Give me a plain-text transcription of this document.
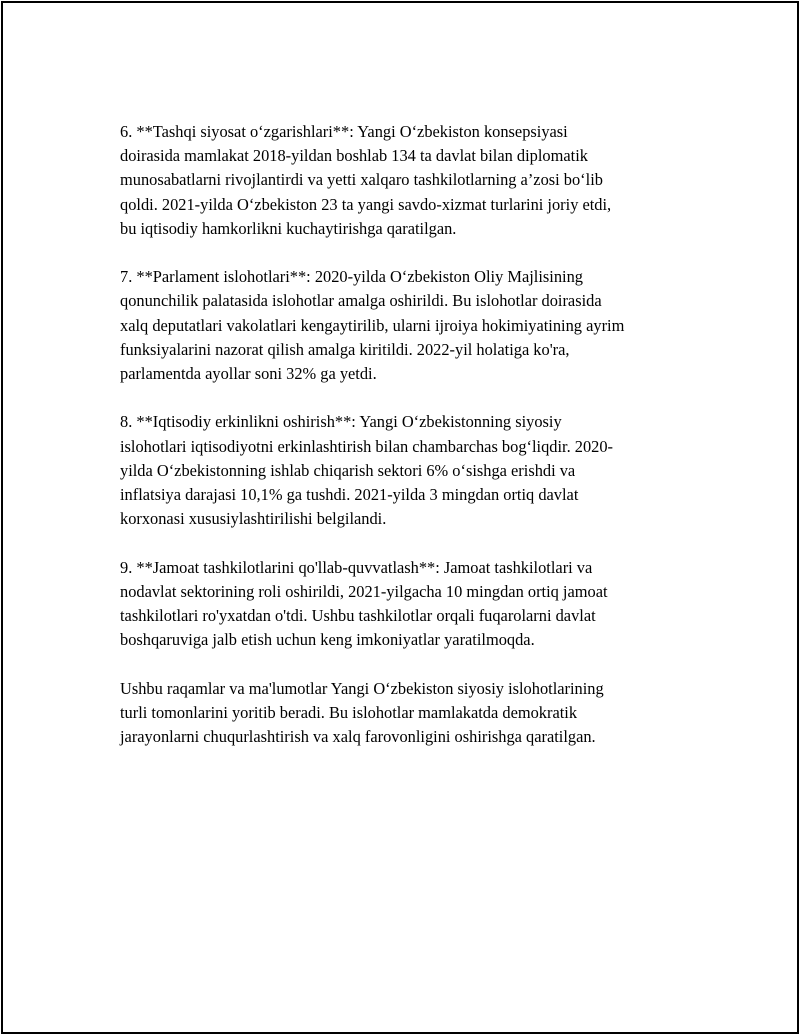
6. **Tashqi siyosat o‘zgarishlari**: Yangi O‘zbekiston konsepsiyasi
doirasida mamlakat 2018-yildan boshlab 134 ta davlat bilan diplomatik
munosabatlarni rivojlantirdi va yetti xalqaro tashkilotlarning a’zosi bo‘lib
qoldi. 2021-yilda O‘zbekiston 23 ta yangi savdo-xizmat turlarini joriy etdi,
bu iqtisodiy hamkorlikni kuchaytirishga qaratilgan.

7. **Parlament islohotlari**: 2020-yilda O‘zbekiston Oliy Majlisining
qonunchilik palatasida islohotlar amalga oshirildi. Bu islohotlar doirasida
xalq deputatlari vakolatlari kengaytirilib, ularni ijroiya hokimiyatining ayrim
funksiyalarini nazorat qilish amalga kiritildi. 2022-yil holatiga ko'ra,
parlamentda ayollar soni 32% ga yetdi.

8. **Iqtisodiy erkinlikni oshirish**: Yangi O‘zbekistonning siyosiy
islohotlari iqtisodiyotni erkinlashtirish bilan chambarchas bog‘liqdir. 2020-
yilda O‘zbekistonning ishlab chiqarish sektori 6% o‘sishga erishdi va
inflatsiya darajasi 10,1% ga tushdi. 2021-yilda 3 mingdan ortiq davlat
korxonasi xususiylashtirilishi belgilandi.

9. **Jamoat tashkilotlarini qo'llab-quvvatlash**: Jamoat tashkilotlari va
nodavlat sektorining roli oshirildi, 2021-yilgacha 10 mingdan ortiq jamoat
tashkilotlari ro'yxatdan o'tdi. Ushbu tashkilotlar orqali fuqarolarni davlat
boshqaruviga jalb etish uchun keng imkoniyatlar yaratilmoqda.

Ushbu raqamlar va ma'lumotlar Yangi O‘zbekiston siyosiy islohotlarining
turli tomonlarini yoritib beradi. Bu islohotlar mamlakatda demokratik
jarayonlarni chuqurlashtirish va xalq farovonligini oshirishga qaratilgan.
